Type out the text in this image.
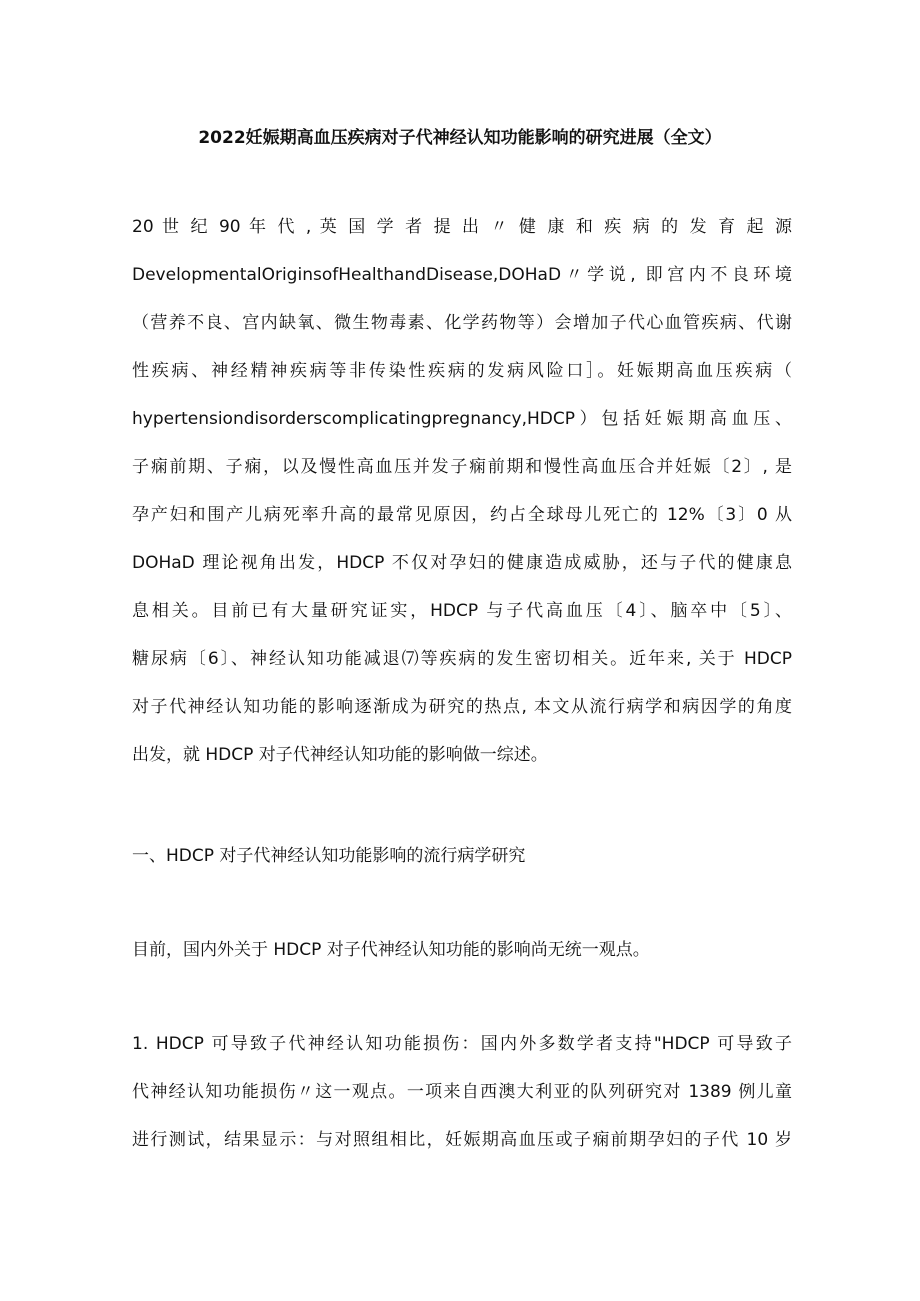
2022妊娠期高血压疾病对子代神经认知功能影响的研究进展（全文）
20 世 纪 90 年 代 , 英 国 学 者 提 出 〃 健 康 和 疾 病 的 发 育 起 源
DevelopmentalOriginsofHealthandDisease,DOHaD〃学说, 即宫内不良环境
（营养不良、宫内缺氧、微生物毒素、化学药物等）会增加子代心血管疾病、代谢
性疾病、神经精神疾病等非传染性疾病的发病风险口］。妊娠期高血压疾病（
hypertensiondisorderscomplicatingpregnancy,HDCP）包括妊娠期高血压、
子痫前期、子痫，以及慢性高血压并发子痫前期和慢性高血压合并妊娠〔2〕, 是
孕产妇和围产儿病死率升高的最常见原因，约占全球母儿死亡的 12%〔3〕0 从
DOHaD 理论视角出发，HDCP 不仅对孕妇的健康造成威胁，还与子代的健康息
息相关。目前已有大量研究证实，HDCP 与子代高血压〔4〕、脑卒中〔5〕、
糖尿病〔6〕、神经认知功能减退⑺等疾病的发生密切相关。近年来, 关于 HDCP
对子代神经认知功能的影响逐渐成为研究的热点, 本文从流行病学和病因学的角度
出发，就 HDCP 对子代神经认知功能的影响做一综述。
一、HDCP 对子代神经认知功能影响的流行病学研究
目前，国内外关于 HDCP 对子代神经认知功能的影响尚无统一观点。
1. HDCP 可导致子代神经认知功能损伤：国内外多数学者支持"HDCP 可导致子
代神经认知功能损伤〃这一观点。一项来自西澳大利亚的队列研究对 1389 例儿童
进行测试，结果显示：与对照组相比，妊娠期高血压或子痫前期孕妇的子代 10 岁
